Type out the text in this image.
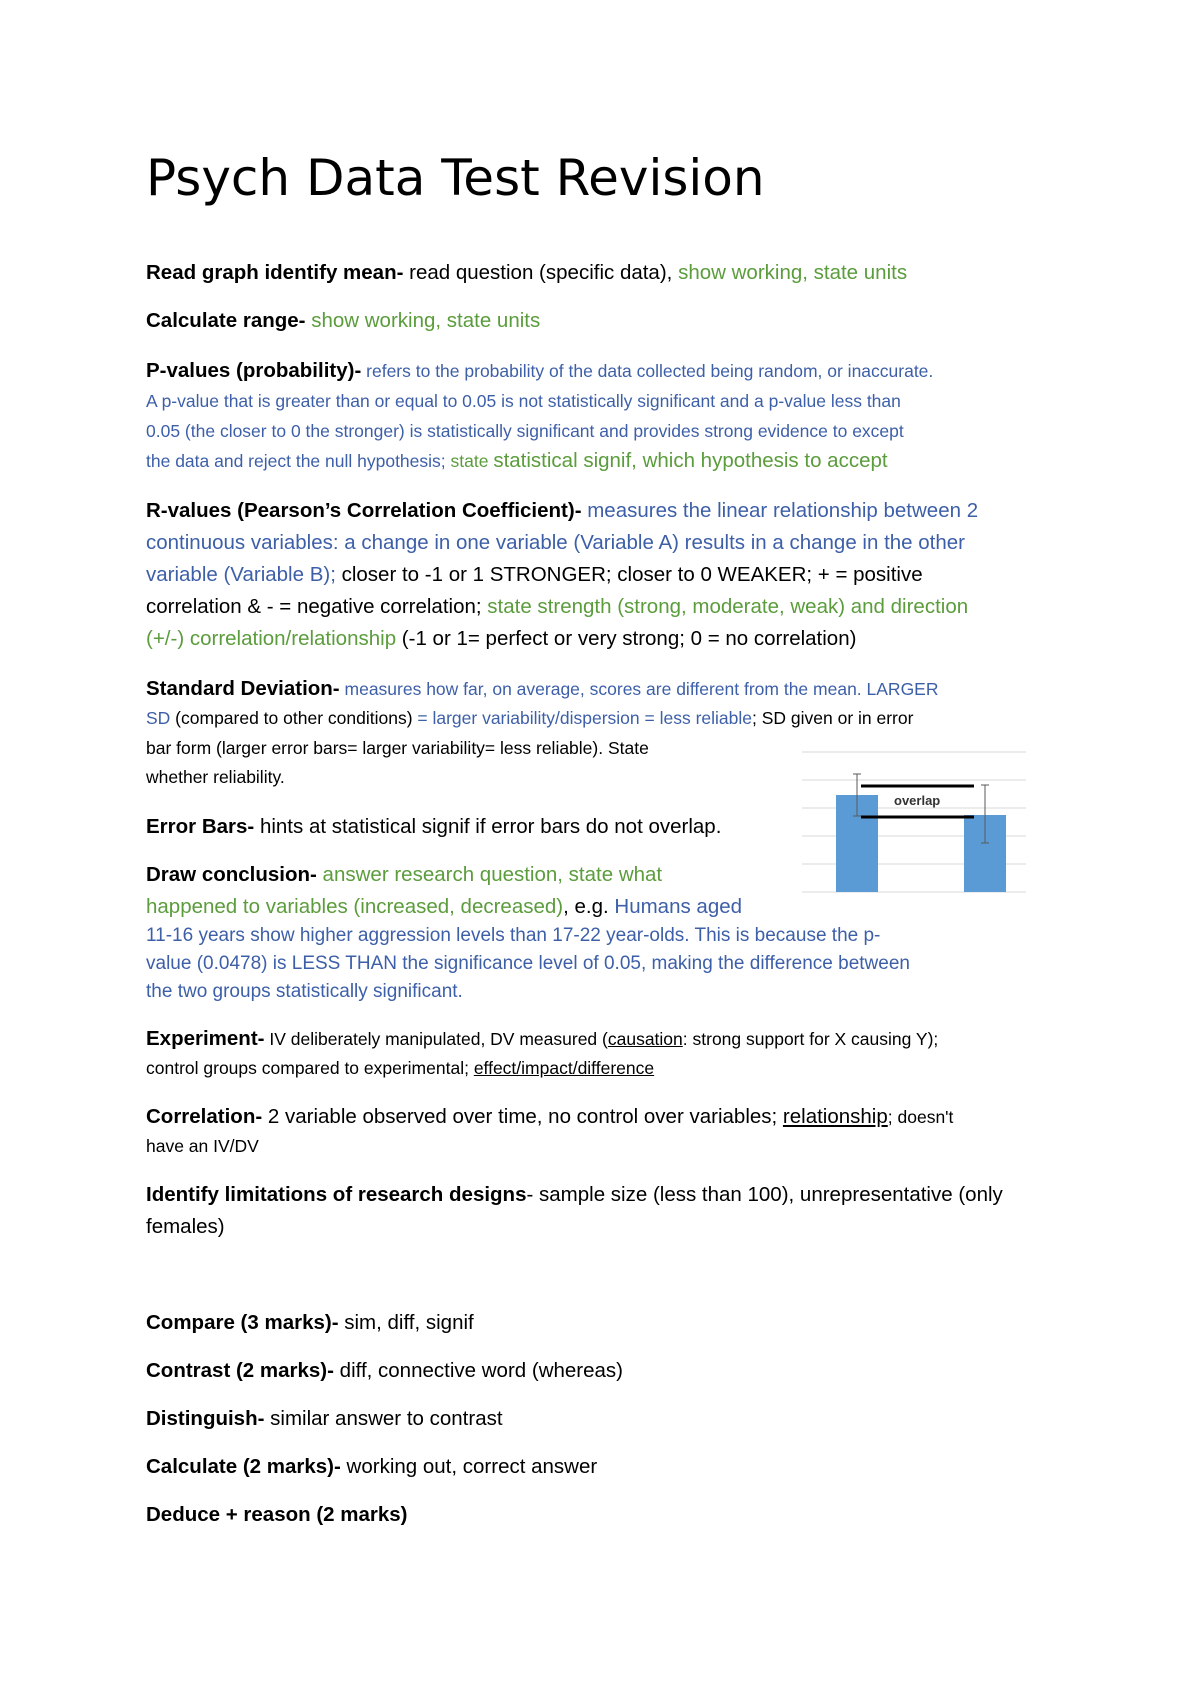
Psych Data Test Revision

Read graph identify mean- read question (specific data), show working, state units

Calculate range- show working, state units

P-values (probability)- refers to the probability of the data collected being random, or inaccurate.

A p-value that is greater than or equal to 0.05 is not statistically significant and a p-value less than

0.05 (the closer to 0 the stronger) is statistically significant and provides strong evidence to except

the data and reject the null hypothesis; state statistical signif, which hypothesis to accept

R-values (Pearson’s Correlation Coefficient)- measures the linear relationship between 2

continuous variables: a change in one variable (Variable A) results in a change in the other

variable (Variable B); closer to -1 or 1 STRONGER; closer to 0 WEAKER; + = positive

correlation & - = negative correlation; state strength (strong, moderate, weak) and direction

(+/-) correlation/relationship (-1 or 1= perfect or very strong; 0 = no correlation)

Standard Deviation- measures how far, on average, scores are different from the mean. LARGER

SD (compared to other conditions) = larger variability/dispersion = less reliable; SD given or in error

bar form (larger error bars= larger variability= less reliable). State

whether reliability.

overlap

Error Bars- hints at statistical signif if error bars do not overlap.

Draw conclusion- answer research question, state what

happened to variables (increased, decreased), e.g. Humans aged

11-16 years show higher aggression levels than 17-22 year-olds. This is because the p-

value (0.0478) is LESS THAN the significance level of 0.05, making the difference between

the two groups statistically significant.

Experiment- IV deliberately manipulated, DV measured (causation: strong support for X causing Y);

control groups compared to experimental; effect/impact/difference

Correlation- 2 variable observed over time, no control over variables; relationship; doesn't

have an IV/DV

Identify limitations of research designs- sample size (less than 100), unrepresentative (only

females)

Compare (3 marks)- sim, diff, signif

Contrast (2 marks)- diff, connective word (whereas)

Distinguish- similar answer to contrast

Calculate (2 marks)- working out, correct answer

Deduce + reason (2 marks)
